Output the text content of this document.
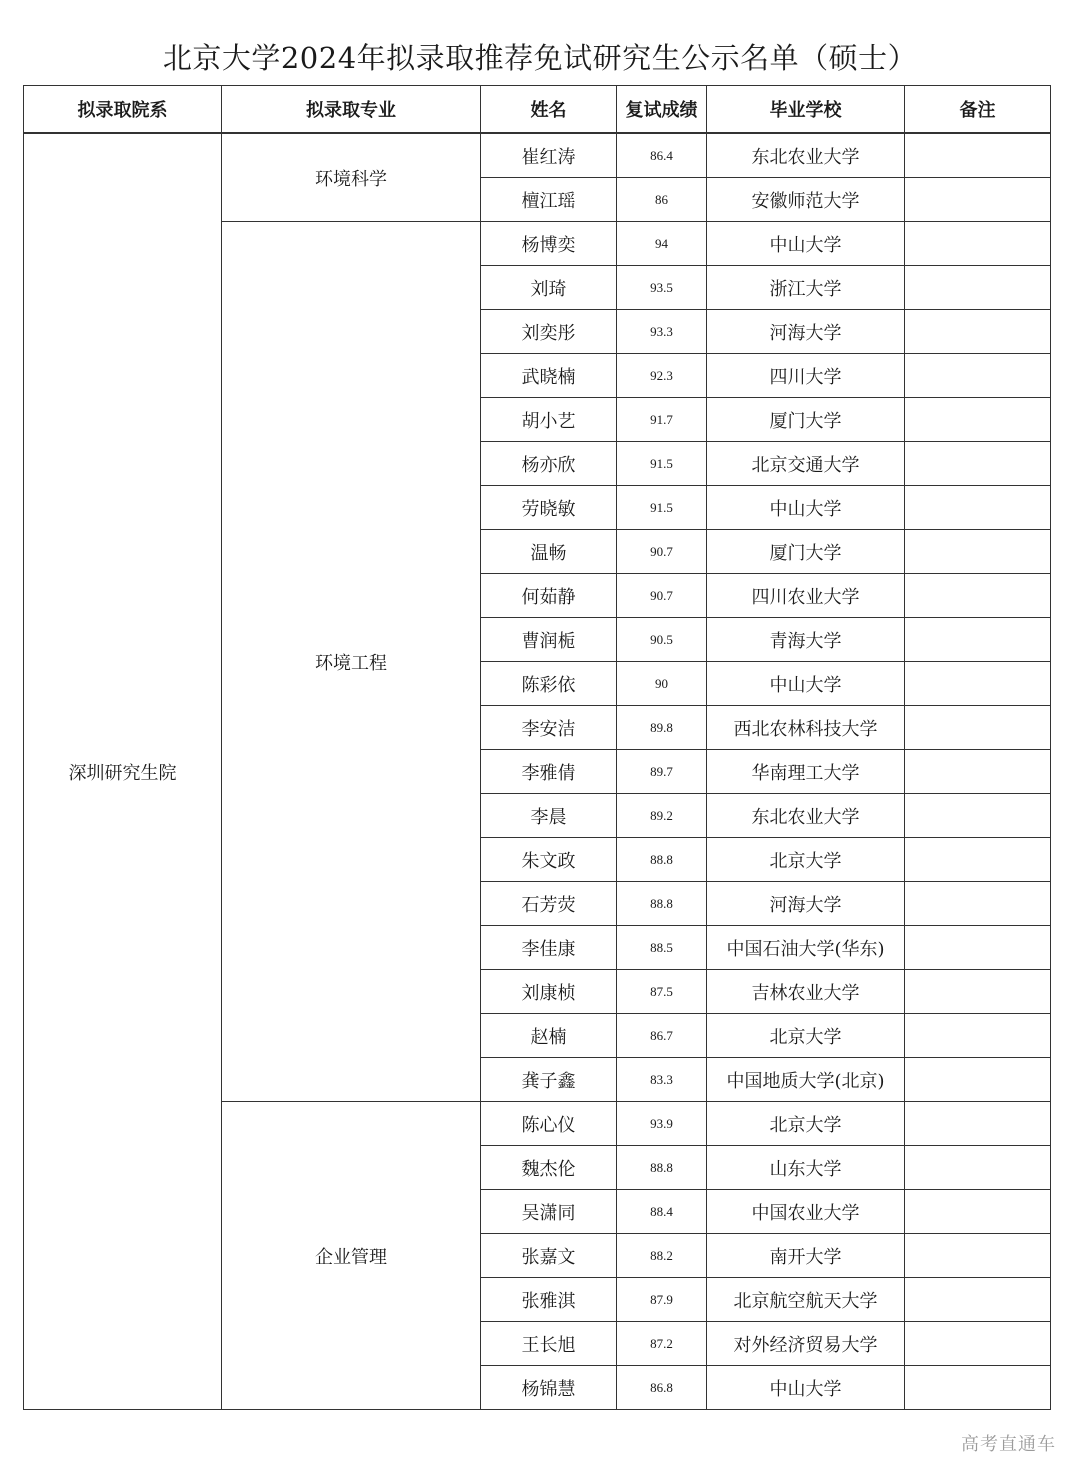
北京大学2024年拟录取推荐免试研究生公示名单（硕士）
拟录取院系	拟录取专业	姓名	复试成绩	毕业学校	备注
深圳研究生院	环境科学	崔红涛	86.4	东北农业大学	
		檀江瑶	86	安徽师范大学	
	环境工程	杨博奕	94	中山大学	
		刘琦	93.5	浙江大学	
		刘奕彤	93.3	河海大学	
		武晓楠	92.3	四川大学	
		胡小艺	91.7	厦门大学	
		杨亦欣	91.5	北京交通大学	
		劳晓敏	91.5	中山大学	
		温畅	90.7	厦门大学	
		何茹静	90.7	四川农业大学	
		曹润栀	90.5	青海大学	
		陈彩依	90	中山大学	
		李安洁	89.8	西北农林科技大学	
		李雅倩	89.7	华南理工大学	
		李晨	89.2	东北农业大学	
		朱文政	88.8	北京大学	
		石芳荧	88.8	河海大学	
		李佳康	88.5	中国石油大学(华东)	
		刘康桢	87.5	吉林农业大学	
		赵楠	86.7	北京大学	
		龚子鑫	83.3	中国地质大学(北京)	
	企业管理	陈心仪	93.9	北京大学	
		魏杰伦	88.8	山东大学	
		吴潇同	88.4	中国农业大学	
		张嘉文	88.2	南开大学	
		张雅淇	87.9	北京航空航天大学	
		王长旭	87.2	对外经济贸易大学	
		杨锦慧	86.8	中山大学	
高考直通车
